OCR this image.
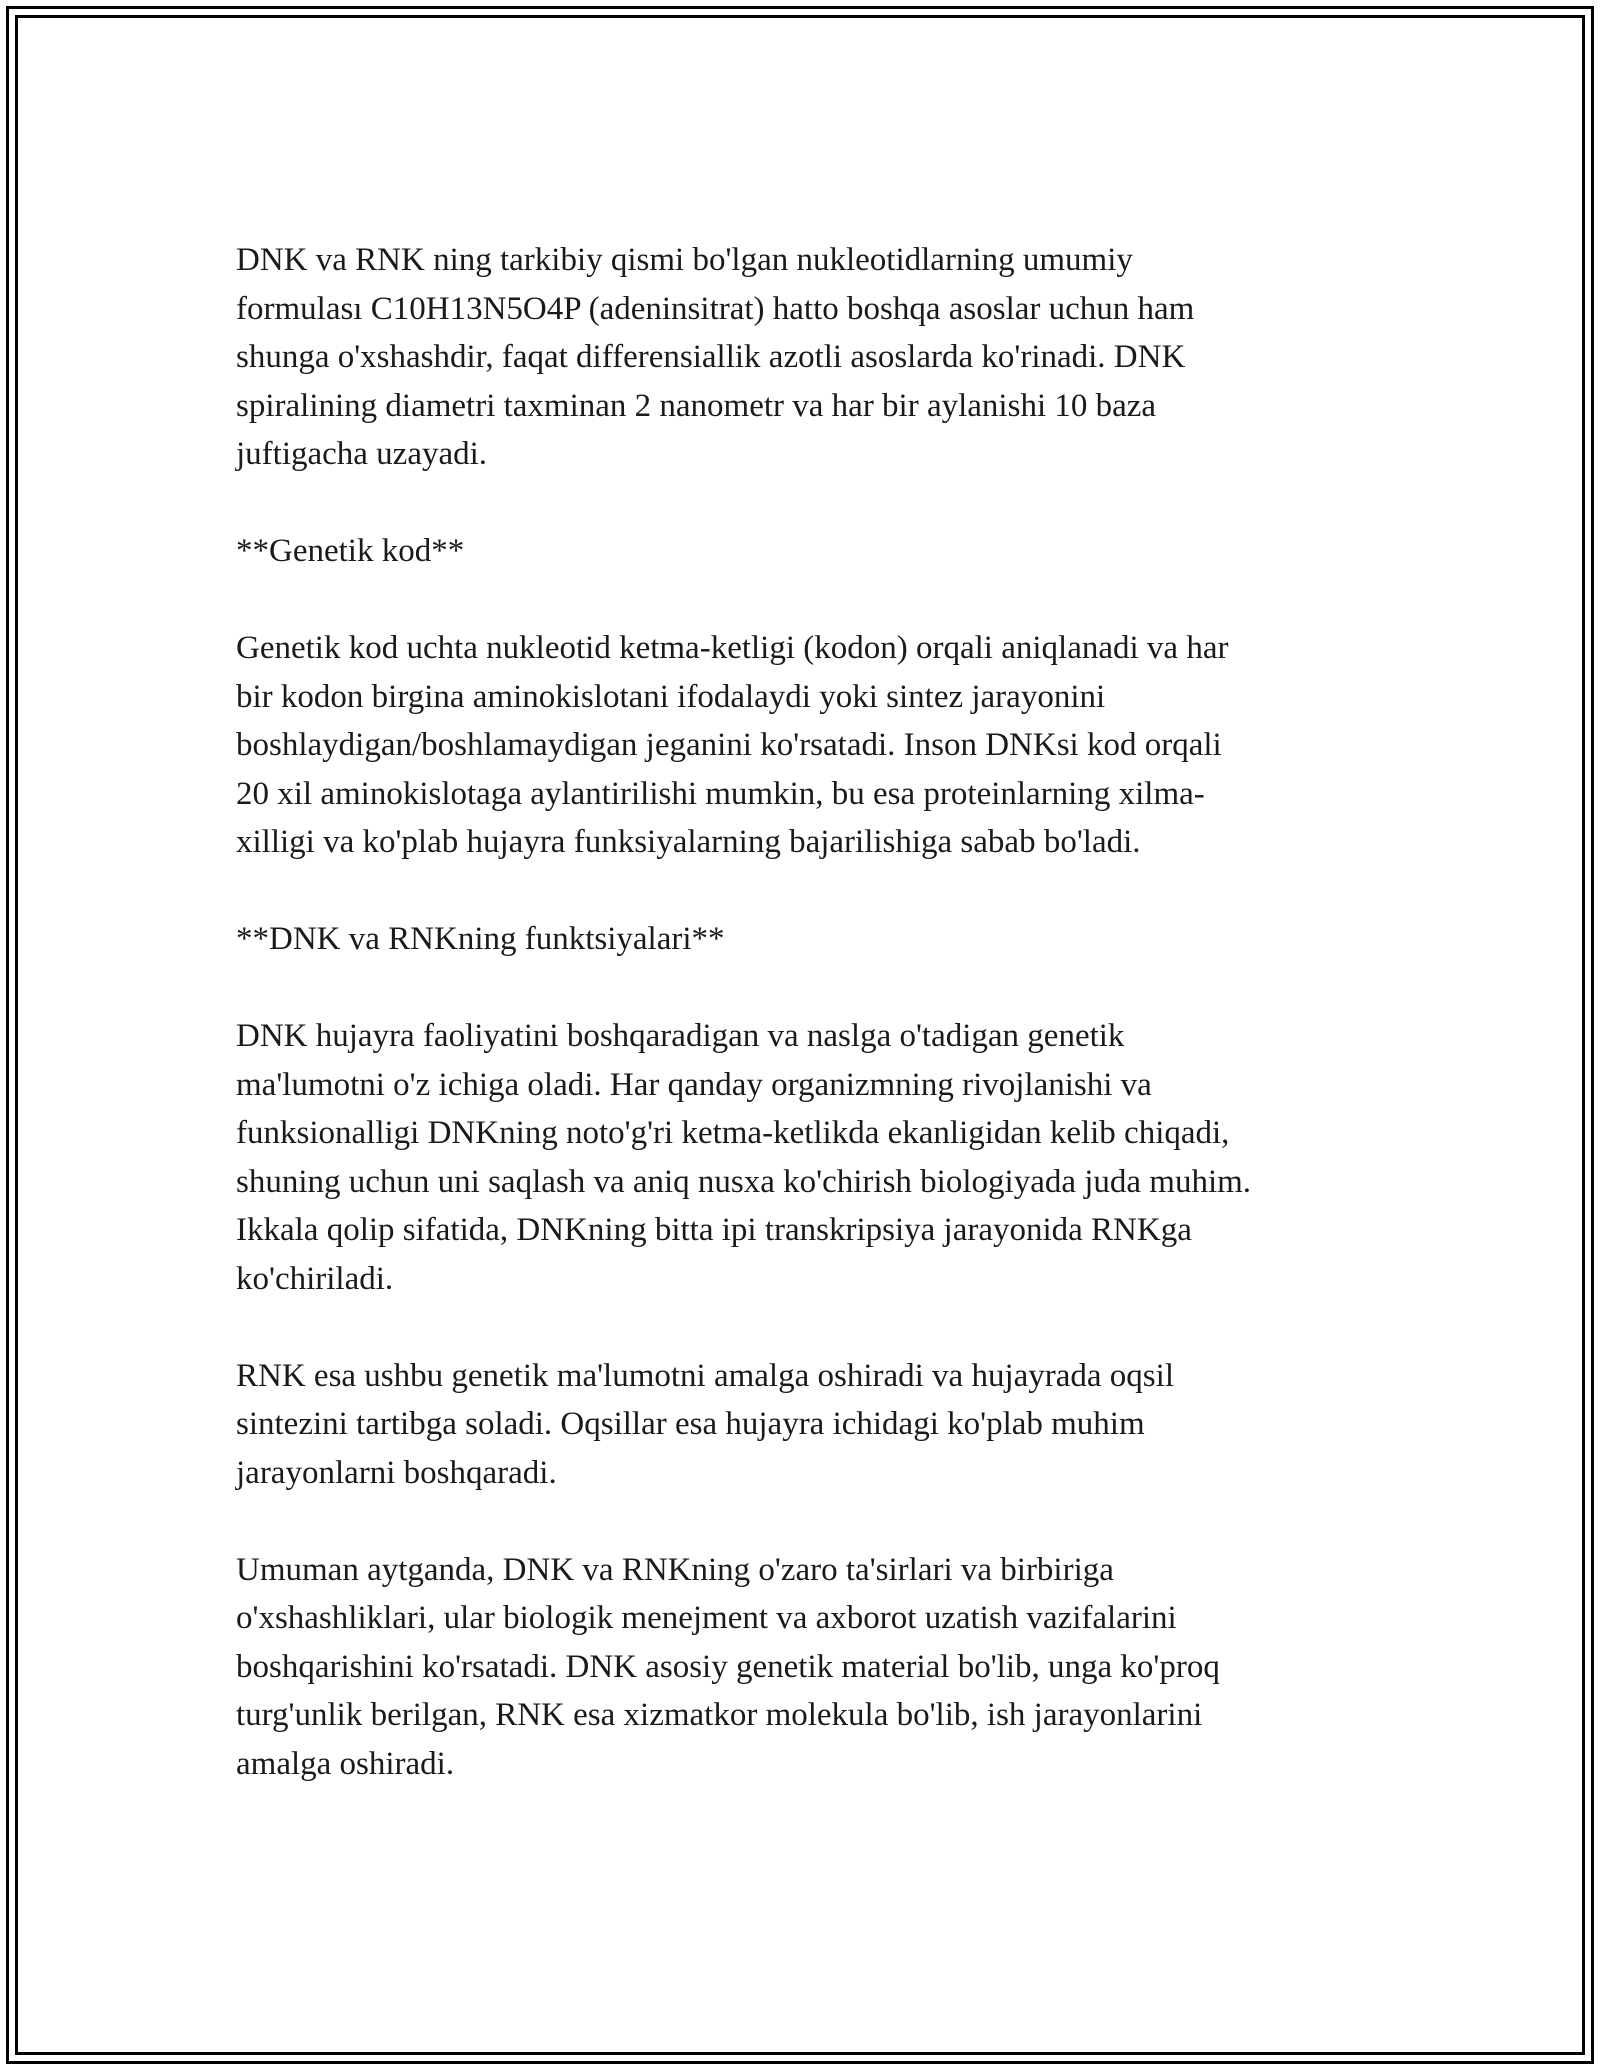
DNK va RNK ning tarkibiy qismi bo'lgan nukleotidlarning umumiy
formulası C10H13N5O4P (adeninsitrat) hatto boshqa asoslar uchun ham
shunga o'xshashdir, faqat differensiallik azotli asoslarda ko'rinadi. DNK
spiralining diametri taxminan 2 nanometr va har bir aylanishi 10 baza
juftigacha uzayadi.

**Genetik kod**

Genetik kod uchta nukleotid ketma-ketligi (kodon) orqali aniqlanadi va har
bir kodon birgina aminokislotani ifodalaydi yoki sintez jarayonini
boshlaydigan/boshlamaydigan jeganini ko'rsatadi. Inson DNKsi kod orqali
20 xil aminokislotaga aylantirilishi mumkin, bu esa proteinlarning xilma-
xilligi va ko'plab hujayra funksiyalarning bajarilishiga sabab bo'ladi.

**DNK va RNKning funktsiyalari**

DNK hujayra faoliyatini boshqaradigan va naslga o'tadigan genetik
ma'lumotni o'z ichiga oladi. Har qanday organizmning rivojlanishi va
funksionalligi DNKning noto'g'ri ketma-ketlikda ekanligidan kelib chiqadi,
shuning uchun uni saqlash va aniq nusxa ko'chirish biologiyada juda muhim.
Ikkala qolip sifatida, DNKning bitta ipi transkripsiya jarayonida RNKga
ko'chiriladi.

RNK esa ushbu genetik ma'lumotni amalga oshiradi va hujayrada oqsil
sintezini tartibga soladi. Oqsillar esa hujayra ichidagi ko'plab muhim
jarayonlarni boshqaradi.

Umuman aytganda, DNK va RNKning o'zaro ta'sirlari va birbiriga
o'xshashliklari, ular biologik menejment va axborot uzatish vazifalarini
boshqarishini ko'rsatadi. DNK asosiy genetik material bo'lib, unga ko'proq
turg'unlik berilgan, RNK esa xizmatkor molekula bo'lib, ish jarayonlarini
amalga oshiradi.
